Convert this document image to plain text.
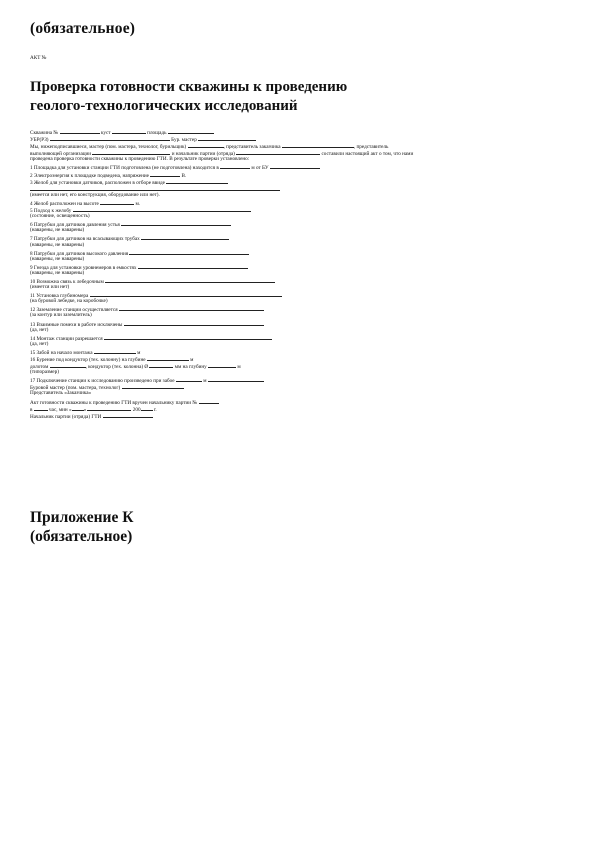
(обязательное)
АКТ №
Проверка готовности скважины к проведению
геолого-технологических исследований
Скважина №	куст	площадь
УБР(РЗ)	Бур. мастер
Мы, нижеподписавшиеся, мастер (пом. мастера, технолог, бурильщик)	, представитель заказчика	, представитель
выполняющей организации	и начальник партии (отряда)	составили настоящий акт о том, что нами
проведена проверка готовности скважины к проведению ГТИ. В результате проверки установлено:
1 Площадка для установки станции ГТИ подготовлена (не подготовлена) находится в	м от БУ
2 Электроэнергия к площадке подведена, напряжение	В.
3 Желоб для установки датчиков, расположен в отборе ввиде
(имеется или нет, его конструкция, оборудование или нет).
4 Желоб расположен на высоте	м.
5 Подход к желобу
(состояние, освещенность)
6 Патрубки для датчиков давления устья
(наварены, не наварены)
7 Патрубки для датчиков на всасывающих трубах
(наварены, не наварены)
8 Патрубки для датчиков высокого давления
(наварены, не наварены)
9 Гнезда для установки уровнемеров в емкостях
(наварены, не наварены)
10 Возможна связь к лебедочным
(имеется или нет)
11 Установка глубиномера
(на буровой лебедке, на коробочке)
12 Заземление станции осуществляется
(за контур или заземлитель)
13 Взаимные помехи в работе исключены
(да, нет)
14 Монтаж станции разрешается
(да, нет)
15 Забой на начало монтажа	м
16 Бурение под кондуктор (тех. колонну) на глубине	м
долотом	, кондуктор (тех. колонна) Ø	мм на глубину	м
(типоразмер)
17 Подключение станции к исследованию произведено при забое	м
Буровой мастер (пом. мастера, технолог)
Представитель «Заказчика»
Акт готовности скважины к проведению ГТИ вручен начальнику партии №
в	час, мин « »	200	г.
Начальник партии (отряда) ГТИ
Приложение К
(обязательное)
